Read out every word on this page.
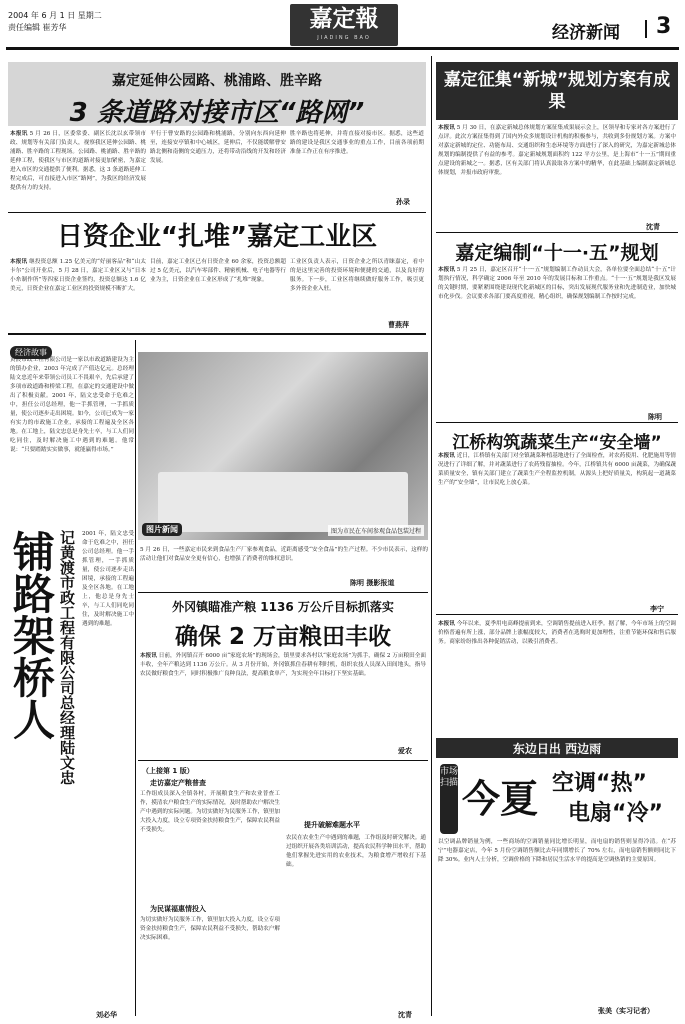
2004 年 6 月 1 日 星期二
责任编辑 崔芳华	嘉定報
JIADING BAO	经济新闻 3
嘉定延伸公园路、桃浦路、胜辛路
3 条道路对接市区“路网”
本报讯 5 月 26 日，区委常委、副区长沈以玄带领市政、规划等有关部门负责人，视察我区延伸公园路、桃浦路、胜辛路的工程现场。公园路、桃浦路、胜辛路的延伸工程，使我区与市区的道路对接更加紧密，为嘉定进入市区的交通提供了便利。据悉，这 3 条道路延伸工程完成后，可直接进入市区“路网”，为我区的经济发展提供有力的支持。
平行于曹安路的公园路和桃浦路，分别向东西向延伸至，连接安亭镇和中心城区，延伸后，不仅能缓解曹安路北侧和南侧的交通压力，还将带动沿线的开发和经济发展。
胜辛路也将延伸，并将直接对接市区。据悉，这些道路的建设是我区交通事业的重点工作，目前各项前期准备工作正在有序推进。
孙录
嘉定征集“新城”规划方案有成果
本报讯 5 月 30 日，在嘉定新城总体规划方案征集成果展示会上，区领导和专家对各方案进行了点评。此次方案征集得到了国内外众多规划设计机构的积极参与，共收到多份规划方案。方案中对嘉定新城的定位、功能布局、交通组织和生态环境等方面进行了深入的研究，为嘉定新城总体规划的编制提供了有益的参考。嘉定新城规划面积约 122 平方公里，是上海市“十一五”期间重点建设的新城之一。据悉，区有关部门将认真汲取各方案中的精华，在此基础上编制嘉定新城总体规划，并报市政府审批。
沈青
日资企业“扎堆”嘉定工业区
本报讯 继投资总额 1.25 亿美元的“好丽客品”和“山太卡尔”公司开业后，5 月 28 日，嘉定工业区又与“日本小糸制作所”等四家日资企业签约，投资总额达 1.6 亿美元，日资企业在嘉定工业区的投资规模不断扩大。
目前，嘉定工业区已有日资企业 60 余家，投资总额超过 5 亿美元，以汽车零部件、精密机械、电子电器等行业为主，日资企业在工业区形成了“扎堆”现象。
工业区负责人表示，日资企业之所以青睐嘉定，看中的是这里完善的投资环境和便捷的交通，以及良好的服务。下一步，工业区将继续做好服务工作，吸引更多外资企业入驻。
曹燕萍
嘉定编制“十一·五”规划
本报讯 5 月 25 日，嘉定区召开“十一·五”规划编制工作动员大会，各单位要全面总结“十·五”计划执行情况，科学确定 2006 年至 2010 年的发展目标和工作重点。“十一·五”规划是我区发展的关键时期，要紧紧围绕建设现代化新城区的目标，突出发展现代服务业和先进制造业，加快城市化步伐。会议要求各部门要高度重视，精心组织，确保规划编制工作按时完成。
陈明
江桥构筑蔬菜生产“安全墙”
本报讯 近日，江桥镇有关部门对全镇蔬菜种植基地进行了全面检查，对农药使用、化肥施用等情况进行了详细了解，并对蔬菜进行了农药残留抽检。今年，江桥镇共有 6000 亩蔬菜，为确保蔬菜质量安全，镇有关部门建立了蔬菜生产全程监控机制，从源头上把好质量关，构筑起一道蔬菜生产的“安全墙”，让市民吃上放心菜。
李宁
经济故事
黄渡市政工程有限公司是一家以市政道路建设为主的镇办企业，2003 年完成了产值达亿元。总经理陆文忠近年来带领公司员工不畏艰辛，先后承建了多项市政道路和桥梁工程，在嘉定的交通建设中做出了积极贡献。2001 年，陆文忠受命于危难之中，担任公司总经理，他一手抓管理，一手抓质量，使公司逐步走出困境。如今，公司已成为一家有实力的市政施工企业，承接的工程遍及全区各地。在工地上，陆文忠总是身先士卒，与工人们同吃同住，及时解决施工中遇到的难题。他常说：“只要踏踏实实做事，就能赢得市场。”
铺路架桥人 记黄渡市政工程有限公司总经理陆文忠 2001 年，陆文忠受命于危难之中，担任公司总经理。他一手抓管理，一手抓质量，使公司逐步走出困境，承接的工程遍及全区各地。在工地上，他总是身先士卒，与工人们同吃同住，及时解决施工中遇到的难题。
刘必华
图为市民在车间参观食品包装过程
图片新闻
5 月 26 日，一些嘉定市民来到食品生产厂家参观食品，近距离感受“安全食品”的生产过程。不少市民表示，这样的活动让他们对食品安全更有信心，也增强了消费者的维权意识。
陈明 摄影报道
外冈镇瞄准产粮 1136 万公斤目标抓落实
确保 2 万亩粮田丰收
本报讯 日前，外冈镇召开 6000 亩“家庭农场”的现场会，镇里要求各村以“家庭农场”为抓手，确保 2 万亩粮田全面丰收，全年产粮达到 1136 万公斤。从 3 月份开始，外冈镇抓住春耕有利时机，组织农技人员深入田间地头，指导农民做好粮食生产，同时积极推广良种良法，提高粮食单产，为实现全年目标打下坚实基础。
爱农
（上接第 1 版）
走访嘉定产粮普查
工作组成员深入全镇各村，开展粮食生产和农业普查工作，摸清农户粮食生产的实际情况，及时帮助农户解决生产中遇到的实际问题。为切实做好为民服务工作，镇里加大投入力度，设立专项资金扶持粮食生产，保障农民利益不受损失。
为民谋福惠情投入
为切实做好为民服务工作，镇里加大投入力度，设立专项资金扶持粮食生产，保障农民利益不受损失，帮助农户解决实际困难。
提升破解难题水平
农民在农业生产中遇到的难题，工作组及时研究解决。通过组织开展各类培训活动，提高农民科学种田水平，帮助他们掌握先进实用的农业技术，为粮食增产增收打下基础。
沈青
本报讯 今年以来，夏季用电高峰提前到来，空调销售提前进入旺季。据了解，今年市场上的空调价格普遍有所上涨，部分品牌上涨幅度较大，消费者在选购时更加理性，注重节能环保和售后服务。商家纷纷推出各种促销活动，以吸引消费者。
东边日出 西边雨
市场扫描 今夏 空调“热”
电扇“冷”
以空调品牌销量为例，一些商场的空调销量同比增长明显，而电扇的销售则显得冷清。在“苏宁”电器嘉定店，今年 5 月份空调销售额比去年同期增长了 70% 左右，而电扇销售额则同比下降 30%。业内人士分析，空调价格的下降和居民生活水平的提高是空调热销的主要原因。
张美（实习记者）
